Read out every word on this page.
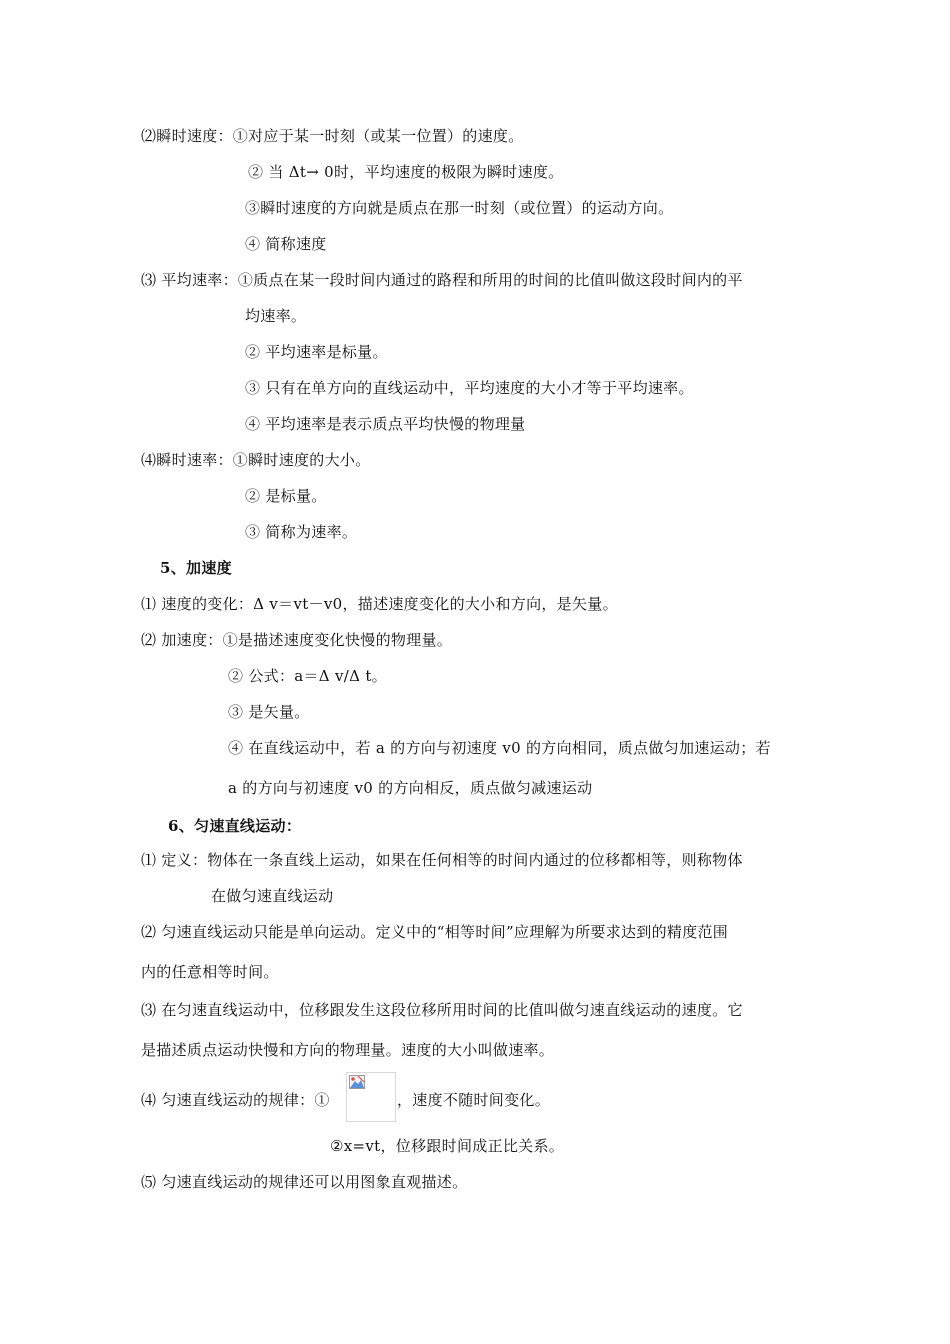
⑵瞬时速度：①对应于某一时刻（或某一位置）的速度。
② 当 Δt→ 0时，平均速度的极限为瞬时速度。
③瞬时速度的方向就是质点在那一时刻（或位置）的运动方向。
④ 简称速度
⑶ 平均速率：①质点在某一段时间内通过的路程和所用的时间的比值叫做这段时间内的平
均速率。
② 平均速率是标量。
③ 只有在单方向的直线运动中，平均速度的大小才等于平均速率。
④ 平均速率是表示质点平均快慢的物理量
⑷瞬时速率：①瞬时速度的大小。
② 是标量。
③ 简称为速率。
5、加速度
⑴ 速度的变化：Δ v＝vt－v0，描述速度变化的大小和方向，是矢量。
⑵ 加速度：①是描述速度变化快慢的物理量。
② 公式：a＝Δ v/Δ t。
③ 是矢量。
④ 在直线运动中，若 a 的方向与初速度 v0 的方向相同，质点做匀加速运动；若
a 的方向与初速度 v0 的方向相反，质点做匀减速运动
6、匀速直线运动：
⑴ 定义：物体在一条直线上运动，如果在任何相等的时间内通过的位移都相等，则称物体
在做匀速直线运动
⑵ 匀速直线运动只能是单向运动。定义中的“相等时间”应理解为所要求达到的精度范围
内的任意相等时间。
⑶ 在匀速直线运动中，位移跟发生这段位移所用时间的比值叫做匀速直线运动的速度。它
是描述质点运动快慢和方向的物理量。速度的大小叫做速率。
⑷ 匀速直线运动的规律：①	，速度不随时间变化。
②x=vt，位移跟时间成正比关系。
⑸ 匀速直线运动的规律还可以用图象直观描述。
